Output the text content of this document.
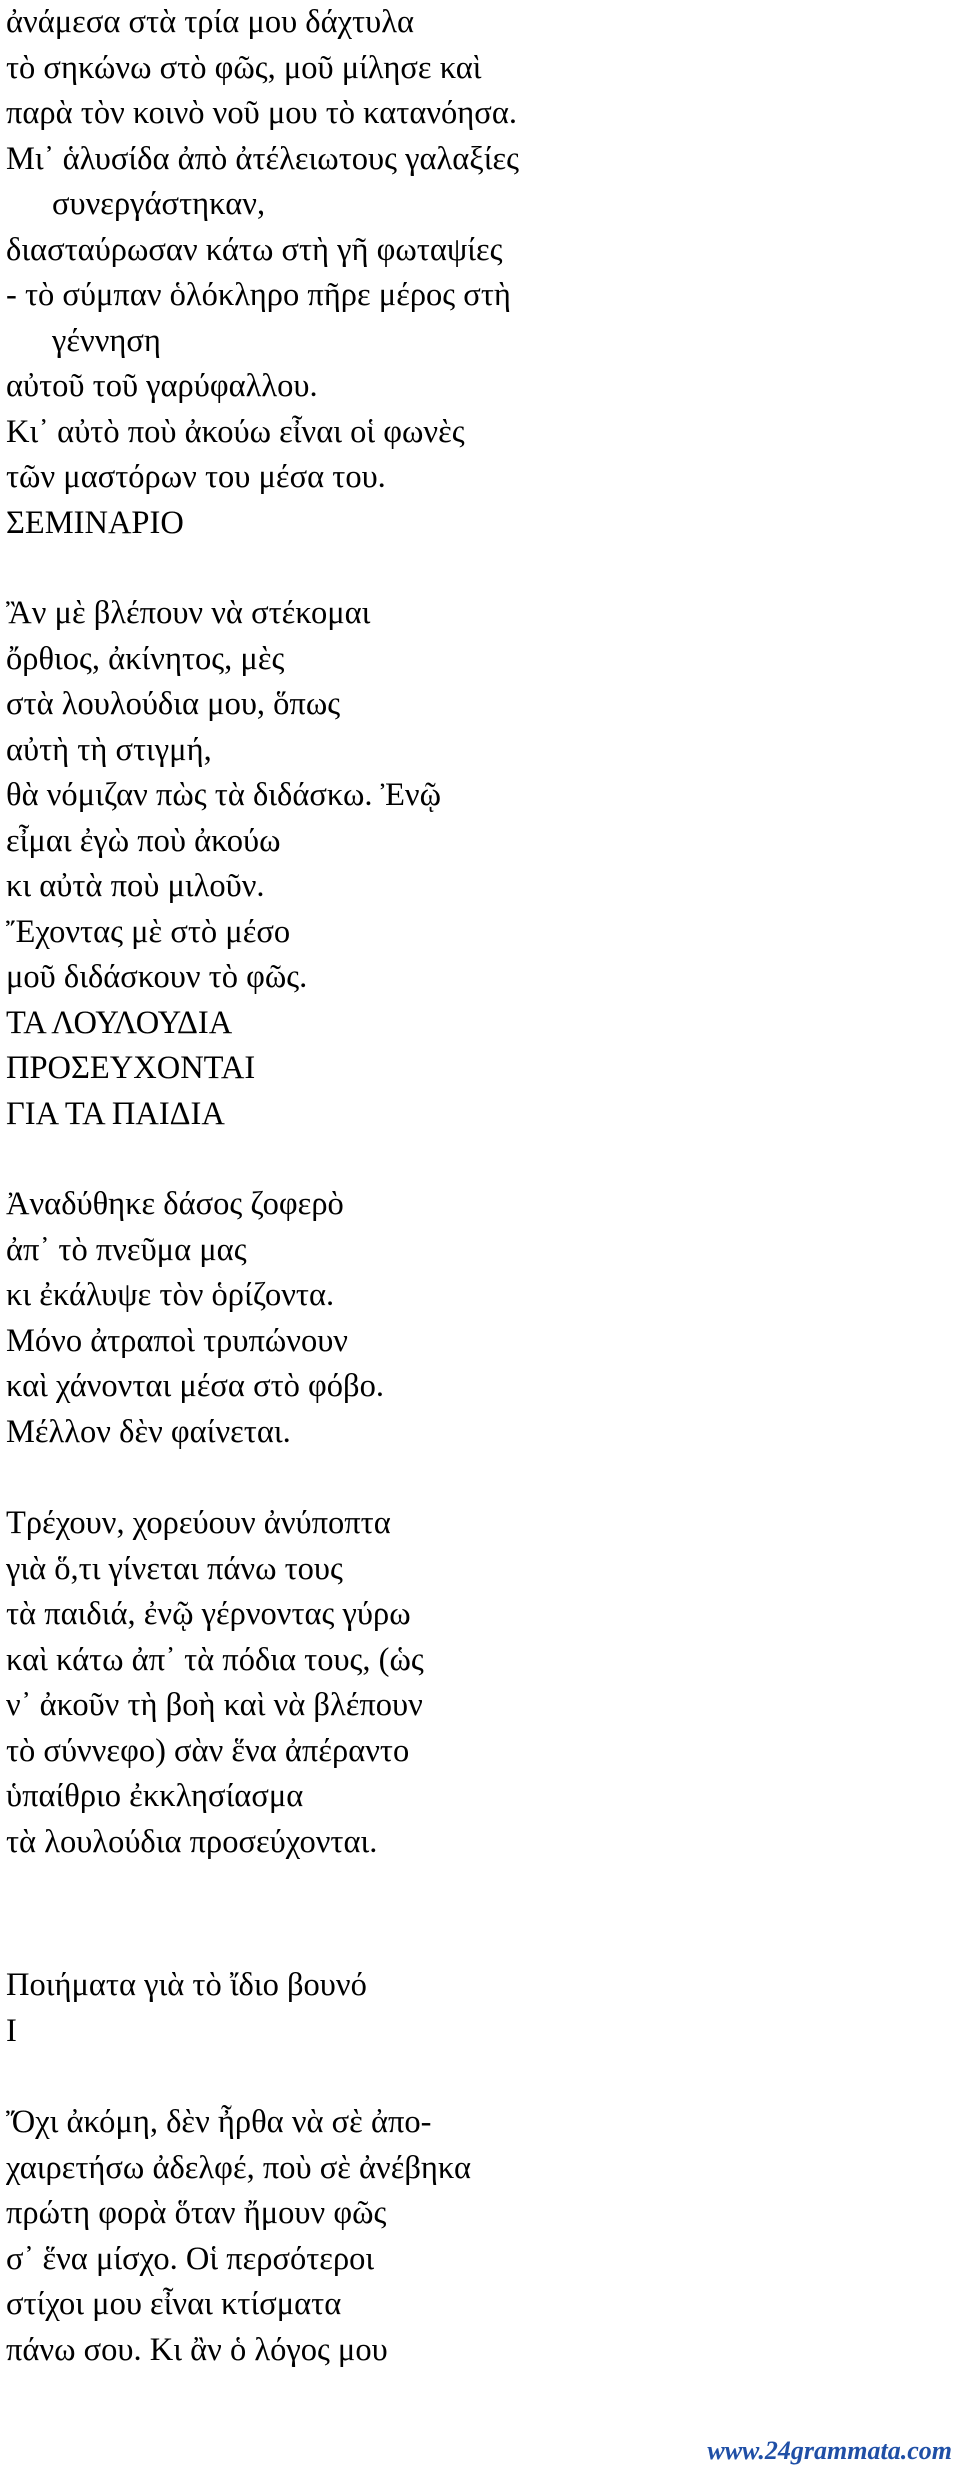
ἀνάμεσα στὰ τρία μου δάχτυλα
τὸ σηκώνω στὸ φῶς, μοῦ μίλησε καὶ
παρὰ τὸν κοινὸ νοῦ μου τὸ κατανόησα.
Μι᾽ ἁλυσίδα ἀπὸ ἀτέλειωτους γαλαξίες
συνεργάστηκαν,
διασταύρωσαν κάτω στὴ γῆ φωταψίες
- τὸ σύμπαν ὁλόκληρο πῆρε μέρος στὴ
γέννηση
αὐτοῦ τοῦ γαρύφαλλου.
Κι᾽ αὐτὸ ποὺ ἀκούω εἶναι οἱ φωνὲς
τῶν μαστόρων του μέσα του.
ΣΕΜΙΝΑΡΙΟ
Ἂν μὲ βλέπουν νὰ στέκομαι
ὄρθιος, ἀκίνητος, μὲς
στὰ λουλούδια μου, ὅπως
αὐτὴ τὴ στιγμή,
θὰ νόμιζαν πὼς τὰ διδάσκω. Ἐνῷ
εἶμαι ἐγὼ ποὺ ἀκούω
κι αὐτὰ ποὺ μιλοῦν.
Ἔχοντας μὲ στὸ μέσο
μοῦ διδάσκουν τὸ φῶς.
ΤΑ ΛΟΥΛΟΥΔΙΑ
ΠΡΟΣΕΥΧΟΝΤΑΙ
ΓΙΑ ΤΑ ΠΑΙΔΙΑ
Ἀναδύθηκε δάσος ζοφερὸ
ἀπ᾽ τὸ πνεῦμα μας
κι ἐκάλυψε τὸν ὁρίζοντα.
Μόνο ἀτραποὶ τρυπώνουν
καὶ χάνονται μέσα στὸ φόβο.
Μέλλον δὲν φαίνεται.
Τρέχουν, χορεύουν ἀνύποπτα
γιὰ ὅ,τι γίνεται πάνω τους
τὰ παιδιά, ἐνῷ γέρνοντας γύρω
καὶ κάτω ἀπ᾽ τὰ πόδια τους, (ὡς
ν᾽ ἀκοῦν τὴ βοὴ καὶ νὰ βλέπουν
τὸ σύννεφο) σὰν ἕνα ἀπέραντο
ὑπαίθριο ἐκκλησίασμα
τὰ λουλούδια προσεύχονται.
Ποιήματα γιὰ τὸ ἴδιο βουνό
Ι
Ὄχι ἀκόμη, δὲν ἦρθα νὰ σὲ ἀπο-
χαιρετήσω ἀδελφέ, ποὺ σὲ ἀνέβηκα
πρώτη φορὰ ὅταν ἤμουν φῶς
σ᾽ ἕνα μίσχο. Οἱ περσότεροι
στίχοι μου εἶναι κτίσματα
πάνω σου. Κι ἂν ὁ λόγος μου
www.24grammata.com
